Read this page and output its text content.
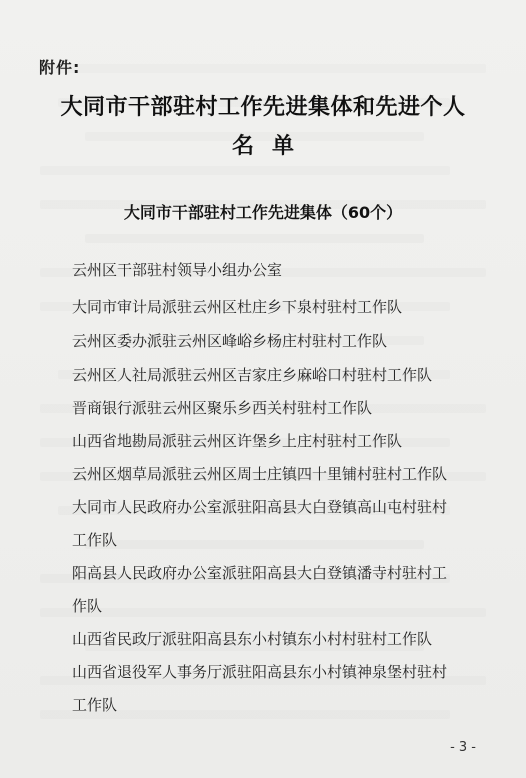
附件:
大同市干部驻村工作先进集体和先进个人
名单
大同市干部驻村工作先进集体（60个）
云州区干部驻村领导小组办公室
大同市审计局派驻云州区杜庄乡下泉村驻村工作队
云州区委办派驻云州区峰峪乡杨庄村驻村工作队
云州区人社局派驻云州区吉家庄乡麻峪口村驻村工作队
晋商银行派驻云州区聚乐乡西关村驻村工作队
山西省地勘局派驻云州区许堡乡上庄村驻村工作队
云州区烟草局派驻云州区周士庄镇四十里铺村驻村工作队
大同市人民政府办公室派驻阳高县大白登镇高山屯村驻村
工作队
阳高县人民政府办公室派驻阳高县大白登镇潘寺村驻村工
作队
山西省民政厅派驻阳高县东小村镇东小村村驻村工作队
山西省退役军人事务厅派驻阳高县东小村镇神泉堡村驻村
工作队
- 3 -
